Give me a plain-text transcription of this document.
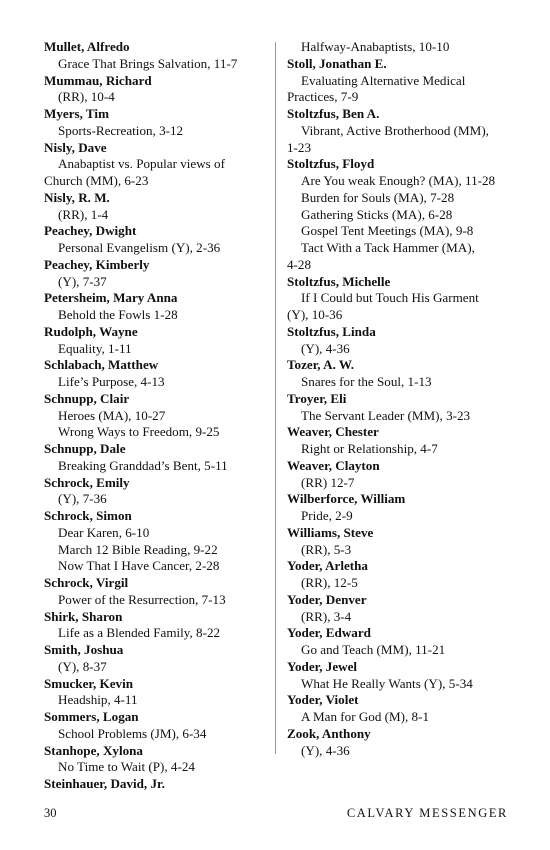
Mullet, Alfredo
Grace That Brings Salvation, 11-7
Mummau, Richard
(RR), 10-4
Myers, Tim
Sports-Recreation, 3-12
Nisly, Dave
Anabaptist vs. Popular views of
Church (MM), 6-23
Nisly, R. M.
(RR), 1-4
Peachey, Dwight
Personal Evangelism (Y), 2-36
Peachey, Kimberly
(Y), 7-37
Petersheim, Mary Anna
Behold the Fowls 1-28
Rudolph, Wayne
Equality, 1-11
Schlabach, Matthew
Life’s Purpose, 4-13
Schnupp, Clair
Heroes (MA), 10-27
Wrong Ways to Freedom, 9-25
Schnupp, Dale
Breaking Granddad’s Bent, 5-11
Schrock, Emily
(Y), 7-36
Schrock, Simon
Dear Karen, 6-10
March 12 Bible Reading, 9-22
Now That I Have Cancer, 2-28
Schrock, Virgil
Power of the Resurrection, 7-13
Shirk, Sharon
Life as a Blended Family, 8-22
Smith, Joshua
(Y), 8-37
Smucker, Kevin
Headship, 4-11
Sommers, Logan
School Problems (JM), 6-34
Stanhope, Xylona
No Time to Wait (P), 4-24
Steinhauer, David, Jr.
Halfway-Anabaptists, 10-10
Stoll, Jonathan E.
Evaluating Alternative Medical
Practices, 7-9
Stoltzfus, Ben A.
Vibrant, Active Brotherhood (MM),
1-23
Stoltzfus, Floyd
Are You weak Enough? (MA), 11-28
Burden for Souls (MA), 7-28
Gathering Sticks (MA), 6-28
Gospel Tent Meetings (MA), 9-8
Tact With a Tack Hammer (MA),
4-28
Stoltzfus, Michelle
If I Could but Touch His Garment
(Y), 10-36
Stoltzfus, Linda
(Y), 4-36
Tozer, A. W.
Snares for the Soul, 1-13
Troyer, Eli
The Servant Leader (MM), 3-23
Weaver, Chester
Right or Relationship, 4-7
Weaver, Clayton
(RR) 12-7
Wilberforce, William
Pride, 2-9
Williams, Steve
(RR), 5-3
Yoder, Arletha
(RR), 12-5
Yoder, Denver
(RR), 3-4
Yoder, Edward
Go and Teach (MM), 11-21
Yoder, Jewel
What He Really Wants (Y), 5-34
Yoder, Violet
A Man for God (M), 8-1
Zook, Anthony
(Y), 4-36
30	CALVARY MESSENGER
